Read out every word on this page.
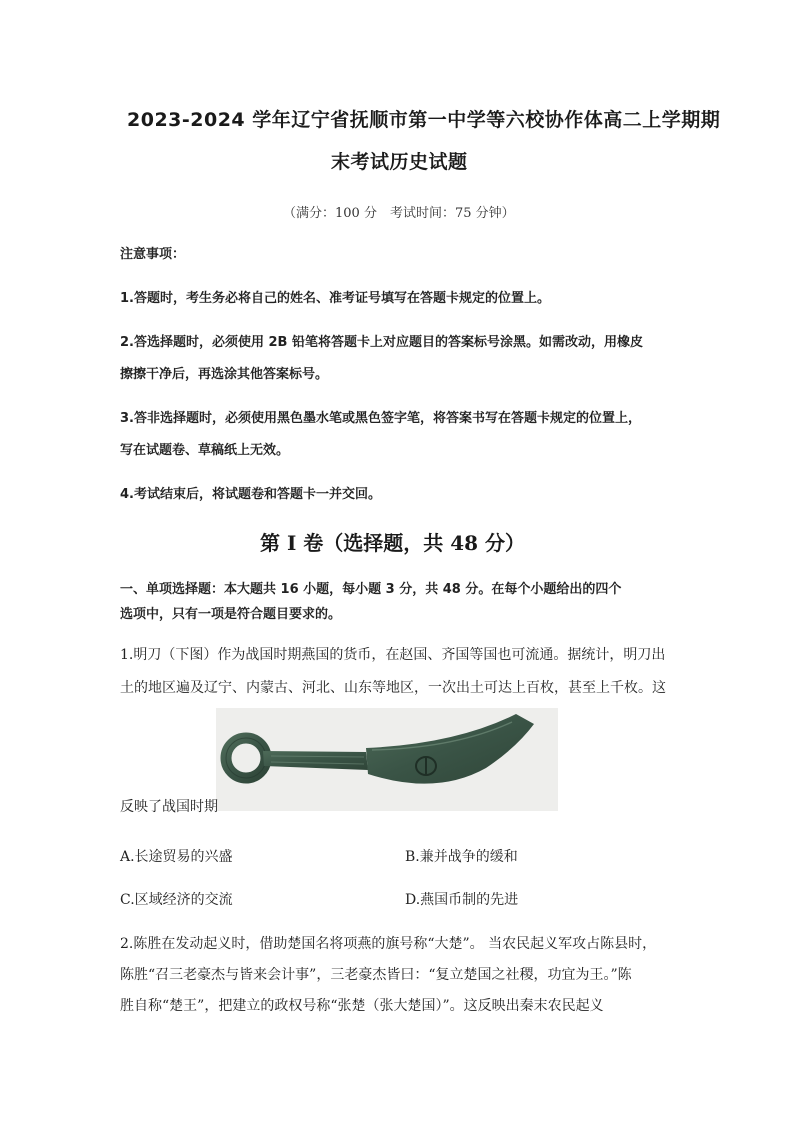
2023-2024 学年辽宁省抚顺市第一中学等六校协作体高二上学期期
末考试历史试题
（满分：100 分　考试时间：75 分钟）
注意事项：
1.答题时，考生务必将自己的姓名、准考证号填写在答题卡规定的位置上。
2.答选择题时，必须使用 2B 铅笔将答题卡上对应题目的答案标号涂黑。如需改动，用橡皮
擦擦干净后，再选涂其他答案标号。
3.答非选择题时，必须使用黑色墨水笔或黑色签字笔，将答案书写在答题卡规定的位置上，
写在试题卷、草稿纸上无效。
4.考试结束后，将试题卷和答题卡一并交回。
第 I 卷（选择题，共 48 分）
一、单项选择题：本大题共 16 小题，每小题 3 分，共 48 分。在每个小题给出的四个
选项中，只有一项是符合题目要求的。
1.明刀（下图）作为战国时期燕国的货币，在赵国、齐国等国也可流通。据统计，明刀出
土的地区遍及辽宁、内蒙古、河北、山东等地区，一次出土可达上百枚，甚至上千枚。这
反映了战国时期
A.长途贸易的兴盛	B.兼并战争的缓和
C.区域经济的交流	D.燕国币制的先进
2.陈胜在发动起义时，借助楚国名将项燕的旗号称“大楚”。 当农民起义军攻占陈县时，
陈胜“召三老豪杰与皆来会计事”，三老豪杰皆曰：“复立楚国之社稷，功宜为王。”陈
胜自称“楚王”，把建立的政权号称“张楚（张大楚国）”。这反映出秦末农民起义
